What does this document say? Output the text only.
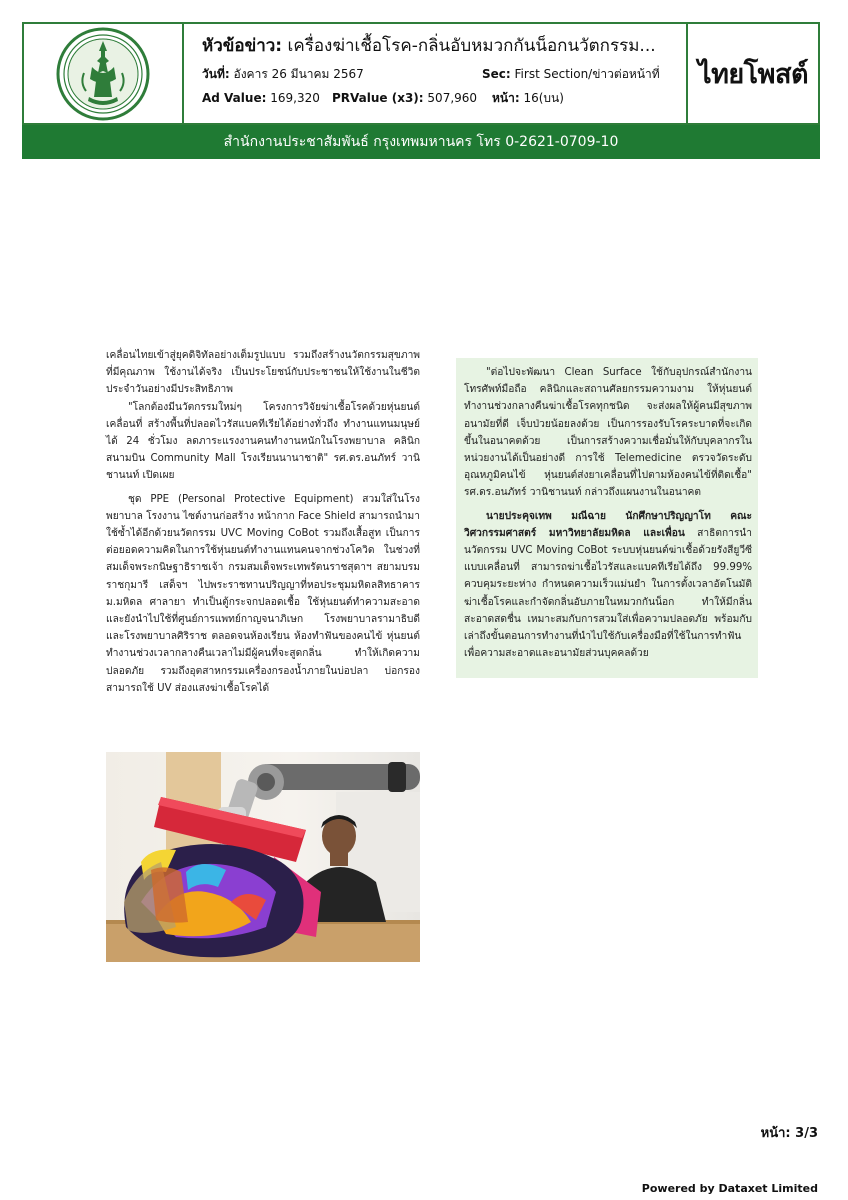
หัวข้อข่าว: เครื่องฆ่าเชื้อโรค-กลิ่นอับหมวกกันน็อกนวัตกรรม...
วันที่: อังคาร 26 มีนาคม 2567	Sec: First Section/ข่าวต่อหน้าที่
Ad Value: 169,320 PRValue (x3): 507,960 หน้า: 16(บน)
ไทยโพสต์
สำนักงานประชาสัมพันธ์ กรุงเทพมหานคร โทร 0-2621-0709-10

เคลื่อนไทยเข้าสู่ยุคดิจิทัลอย่างเต็มรูปแบบ รวมถึงสร้างนวัตกรรมสุขภาพที่มีคุณภาพ ใช้งานได้จริง เป็นประโยชน์กับประชาชนให้ใช้งานในชีวิตประจำวันอย่างมีประสิทธิภาพ

"โลกต้องมีนวัตกรรมใหม่ๆ โครงการวิจัยฆ่าเชื้อโรคด้วยหุ่นยนต์เคลื่อนที่ สร้างพื้นที่ปลอดไวรัสแบคทีเรียได้อย่างทั่วถึง ทำงานแทนมนุษย์ได้ 24 ชั่วโมง ลดภาระแรงงานคนทำงานหนักในโรงพยาบาล คลินิก สนามบิน Community Mall โรงเรียนนานาชาติ" รศ.ดร.อนภัทร์ วานิชานนท์ เปิดเผย

ชุด PPE (Personal Protective Equipment) สวมใส่ในโรงพยาบาล โรงงาน ไซต์งานก่อสร้าง หน้ากาก Face Shield สามารถนำมาใช้ซ้ำได้อีกด้วยนวัตกรรม UVC Moving CoBot รวมถึงเสื้อสูท เป็นการต่อยอดความคิดในการใช้หุ่นยนต์ทำงานแทนคนจากช่วงโควิด ในช่วงที่สมเด็จพระกนิษฐาธิราชเจ้า กรมสมเด็จพระเทพรัตนราชสุดาฯ สยามบรมราชกุมารี เสด็จฯ ไปพระราชทานปริญญาที่หอประชุมมหิดลสิทธาคาร ม.มหิดล ศาลายา ทำเป็นตู้กระจกปลอดเชื้อ ใช้หุ่นยนต์ทำความสะอาด และยังนำไปใช้ที่ศูนย์การแพทย์กาญจนาภิเษก โรงพยาบาลรามาธิบดี และโรงพยาบาลศิริราช ตลอดจนห้องเรียน ห้องทำฟันของคนไข้ หุ่นยนต์ทำงานช่วงเวลากลางคืนเวลาไม่มีผู้คนที่จะสูดกลิ่น ทำให้เกิดความปลอดภัย รวมถึงอุตสาหกรรมเครื่องกรองน้ำภายในบ่อปลา บ่อกรองสามารถใช้ UV ส่องแสงฆ่าเชื้อโรคได้

"ต่อไปจะพัฒนา Clean Surface ใช้กับอุปกรณ์สำนักงาน โทรศัพท์มือถือ คลินิกและสถานศัลยกรรมความงาม ให้หุ่นยนต์ทำงานช่วงกลางคืนฆ่าเชื้อโรคทุกชนิด จะส่งผลให้ผู้คนมีสุขภาพอนามัยที่ดี เจ็บป่วยน้อยลงด้วย เป็นการรองรับโรคระบาดที่จะเกิดขึ้นในอนาคตด้วย เป็นการสร้างความเชื่อมั่นให้กับบุคลากรในหน่วยงานได้เป็นอย่างดี การใช้ Telemedicine ตรวจวัดระดับอุณหภูมิคนไข้ หุ่นยนต์ส่งยาเคลื่อนที่ไปตามห้องคนไข้ที่ติดเชื้อ" รศ.ดร.อนภัทร์ วานิชานนท์ กล่าวถึงแผนงานในอนาคต

นายประคุจเทพ มณีฉาย นักศึกษาปริญญาโท คณะวิศวกรรมศาสตร์ มหาวิทยาลัยมหิดล และเพื่อน สาธิตการนำนวัตกรรม UVC Moving CoBot ระบบหุ่นยนต์ฆ่าเชื้อด้วยรังสียูวีซีแบบเคลื่อนที่ สามารถฆ่าเชื้อไวรัสและแบคทีเรียได้ถึง 99.99% ควบคุมระยะห่าง กำหนดความเร็วแม่นยำ ในการตั้งเวลาอัตโนมัติ ฆ่าเชื้อโรคและกำจัดกลิ่นอับภายในหมวกกันน็อก ทำให้มีกลิ่นสะอาดสดชื่น เหมาะสมกับการสวมใส่เพื่อความปลอดภัย พร้อมกับเล่าถึงขั้นตอนการทำงานที่นำไปใช้กับเครื่องมือที่ใช้ในการทำฟันเพื่อความสะอาดและอนามัยส่วนบุคคลด้วย

หน้า: 3/3
Powered by Dataxet Limited
